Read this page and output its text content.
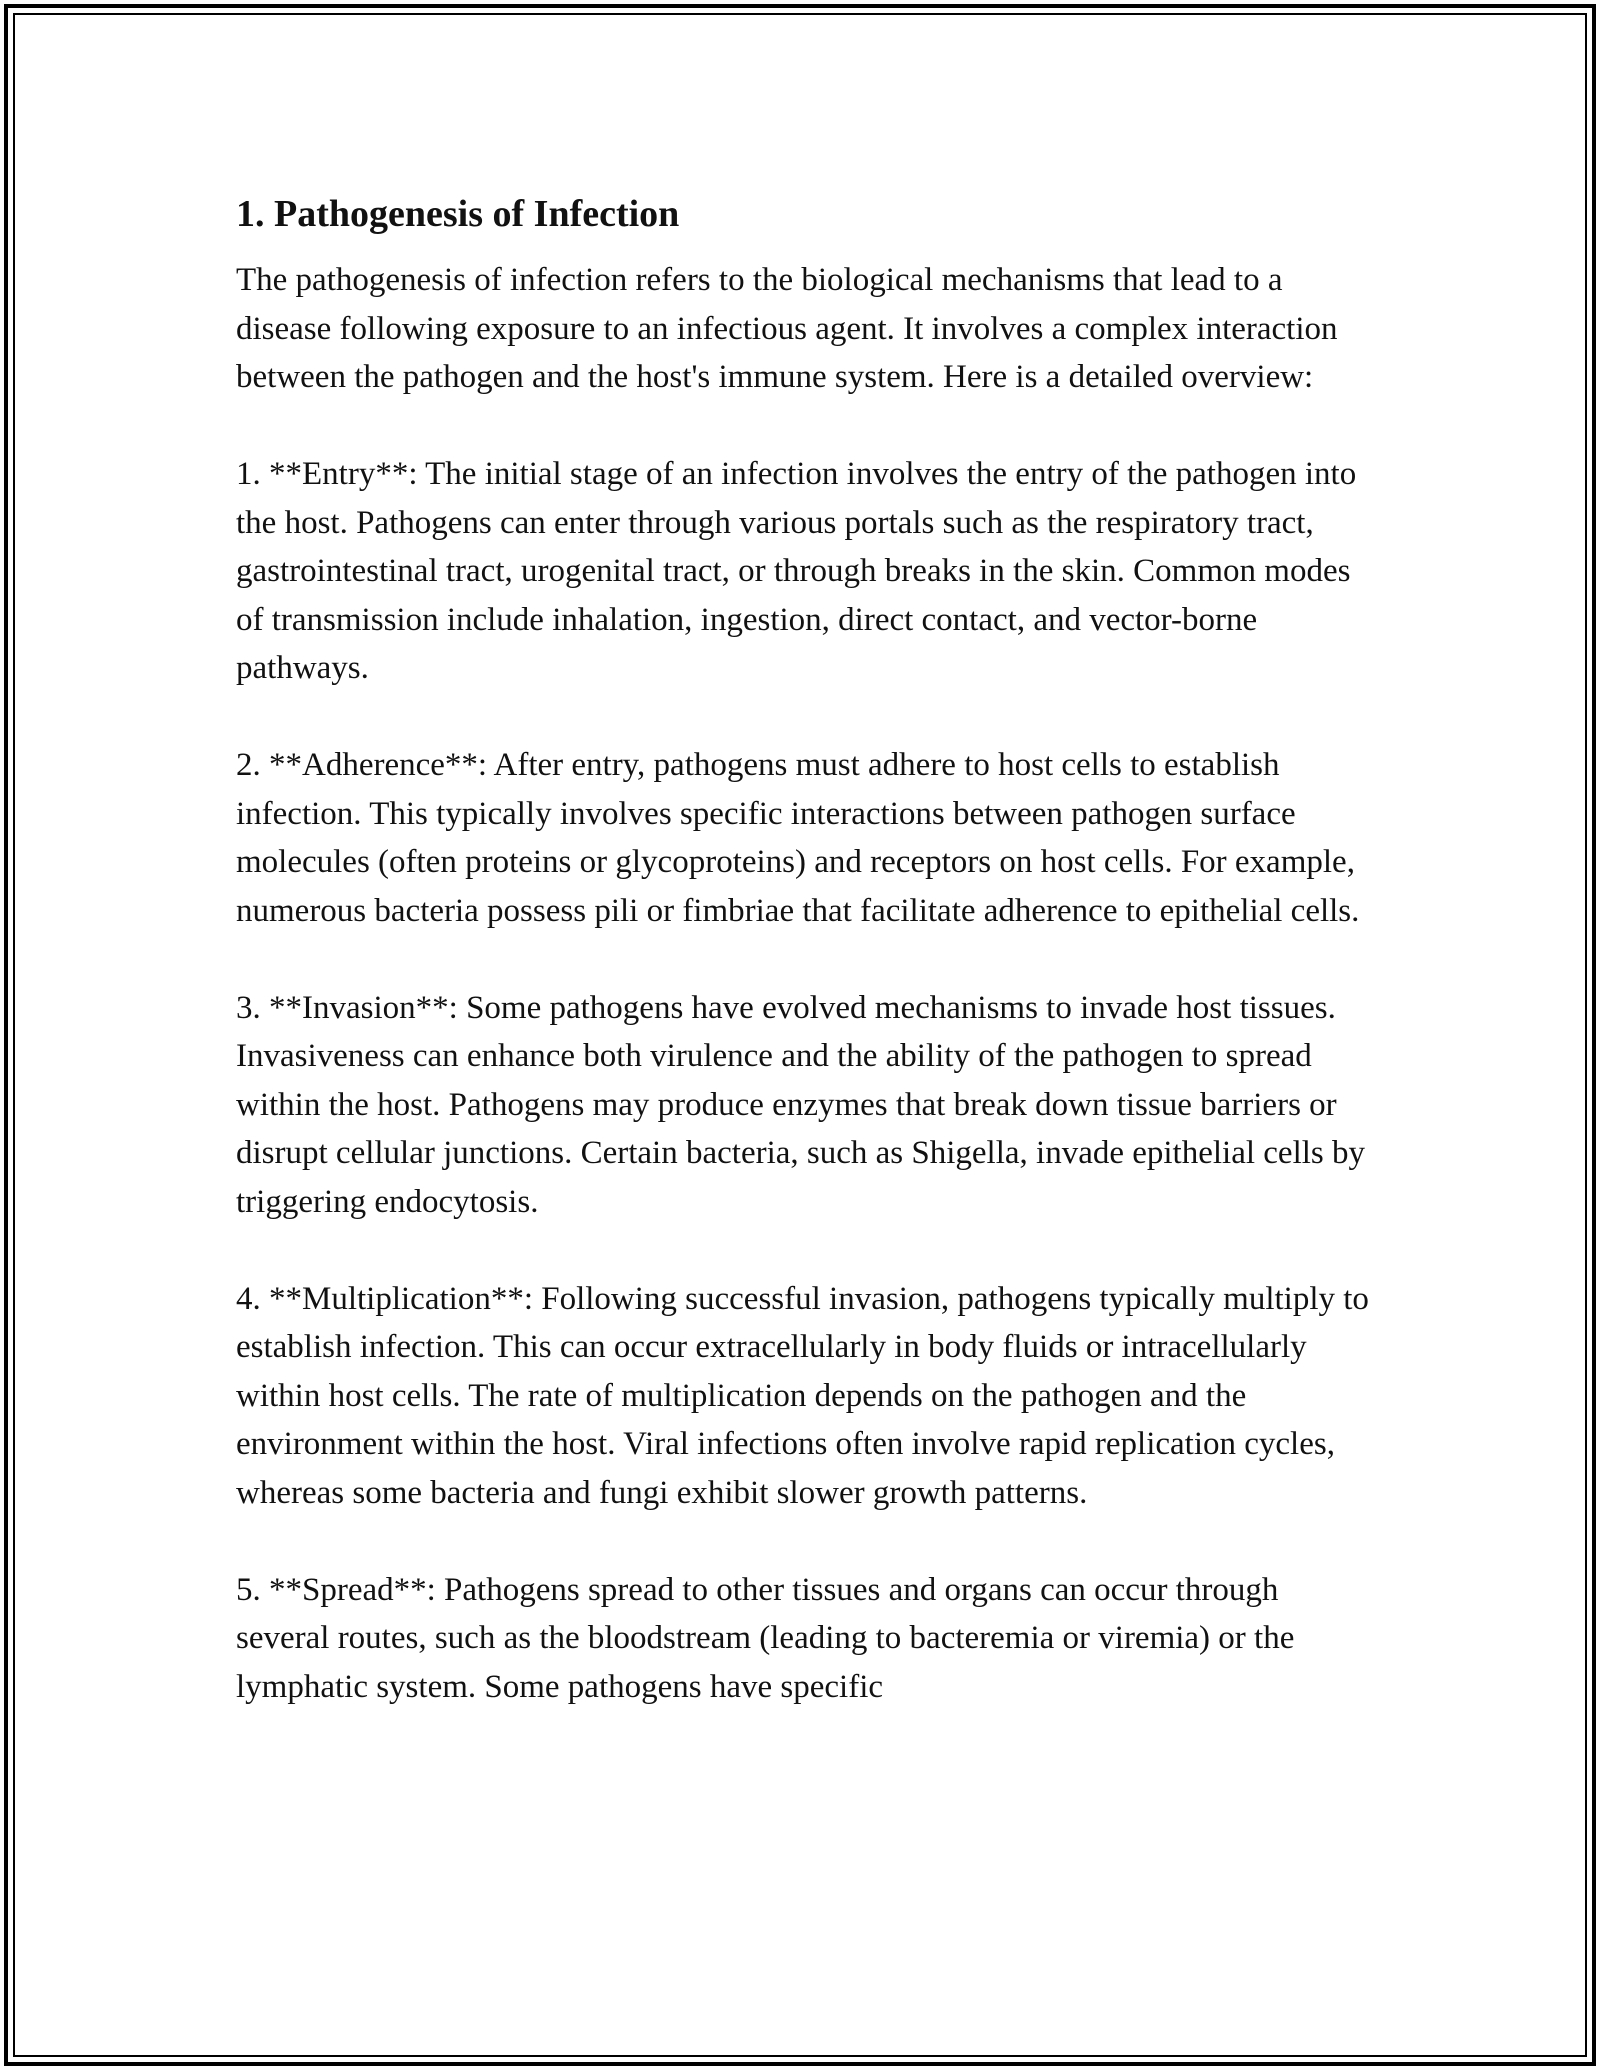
1. Pathogenesis of Infection

The pathogenesis of infection refers to the biological mechanisms that lead to a disease following exposure to an infectious agent. It involves a complex interaction between the pathogen and the host's immune system. Here is a detailed overview:

1. **Entry**: The initial stage of an infection involves the entry of the pathogen into the host. Pathogens can enter through various portals such as the respiratory tract, gastrointestinal tract, urogenital tract, or through breaks in the skin. Common modes of transmission include inhalation, ingestion, direct contact, and vector-borne pathways.

2. **Adherence**: After entry, pathogens must adhere to host cells to establish infection. This typically involves specific interactions between pathogen surface molecules (often proteins or glycoproteins) and receptors on host cells. For example, numerous bacteria possess pili or fimbriae that facilitate adherence to epithelial cells.

3. **Invasion**: Some pathogens have evolved mechanisms to invade host tissues. Invasiveness can enhance both virulence and the ability of the pathogen to spread within the host. Pathogens may produce enzymes that break down tissue barriers or disrupt cellular junctions. Certain bacteria, such as Shigella, invade epithelial cells by triggering endocytosis.

4. **Multiplication**: Following successful invasion, pathogens typically multiply to establish infection. This can occur extracellularly in body fluids or intracellularly within host cells. The rate of multiplication depends on the pathogen and the environment within the host. Viral infections often involve rapid replication cycles, whereas some bacteria and fungi exhibit slower growth patterns.

5. **Spread**: Pathogens spread to other tissues and organs can occur through several routes, such as the bloodstream (leading to bacteremia or viremia) or the lymphatic system. Some pathogens have specific
